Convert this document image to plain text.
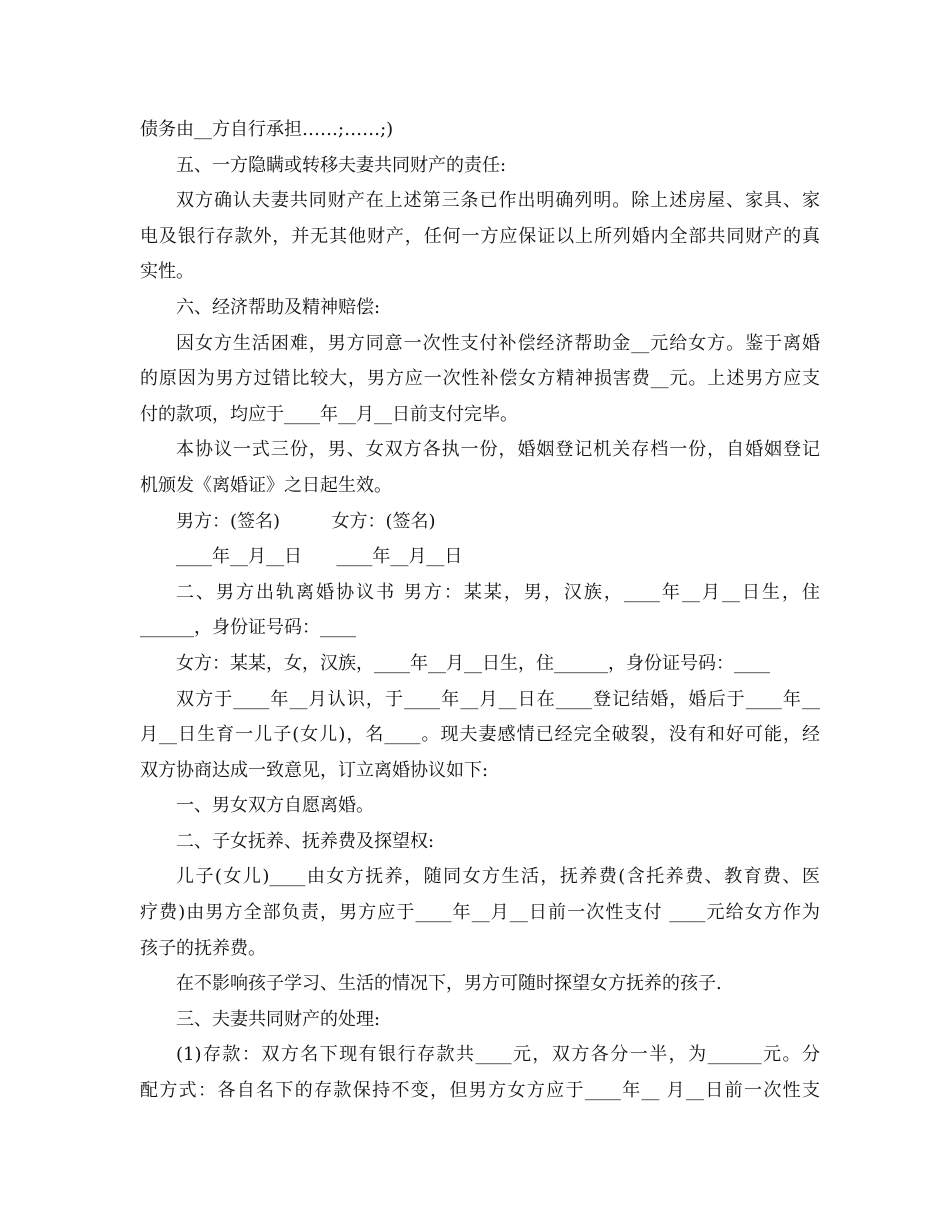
债务由__方自行承担……;……;)
五、一方隐瞒或转移夫妻共同财产的责任:
双方确认夫妻共同财产在上述第三条已作出明确列明。除上述房屋、家具、家
电及银行存款外，并无其他财产，任何一方应保证以上所列婚内全部共同财产的真
实性。
六、经济帮助及精神赔偿:
因女方生活困难，男方同意一次性支付补偿经济帮助金__元给女方。鉴于离婚
的原因为男方过错比较大，男方应一次性补偿女方精神损害费__元。上述男方应支
付的款项，均应于____年__月__日前支付完毕。
本协议一式三份，男、女双方各执一份，婚姻登记机关存档一份，自婚姻登记
机颁发《离婚证》之日起生效。
男方：(签名)         女方：(签名)
____年__月__日      ____年__月__日
二、男方出轨离婚协议书 男方：某某，男，汉族，____年__月__日生，住
______，身份证号码：____
女方：某某，女，汉族，____年__月__日生，住______，身份证号码：____
双方于____年__月认识，于____年__月__日在____登记结婚，婚后于____年__
月__日生育一儿子(女儿)，名____。现夫妻感情已经完全破裂，没有和好可能，经
双方协商达成一致意见，订立离婚协议如下:
一、男女双方自愿离婚。
二、子女抚养、抚养费及探望权:
儿子(女儿)____由女方抚养，随同女方生活，抚养费(含托养费、教育费、医
疗费)由男方全部负责，男方应于____年__月__日前一次性支付 ____元给女方作为
孩子的抚养费。
在不影响孩子学习、生活的情况下，男方可随时探望女方抚养的孩子.
三、夫妻共同财产的处理:
(1)存款：双方名下现有银行存款共____元，双方各分一半，为______元。分
配方式：各自名下的存款保持不变，但男方女方应于____年__ 月__日前一次性支
